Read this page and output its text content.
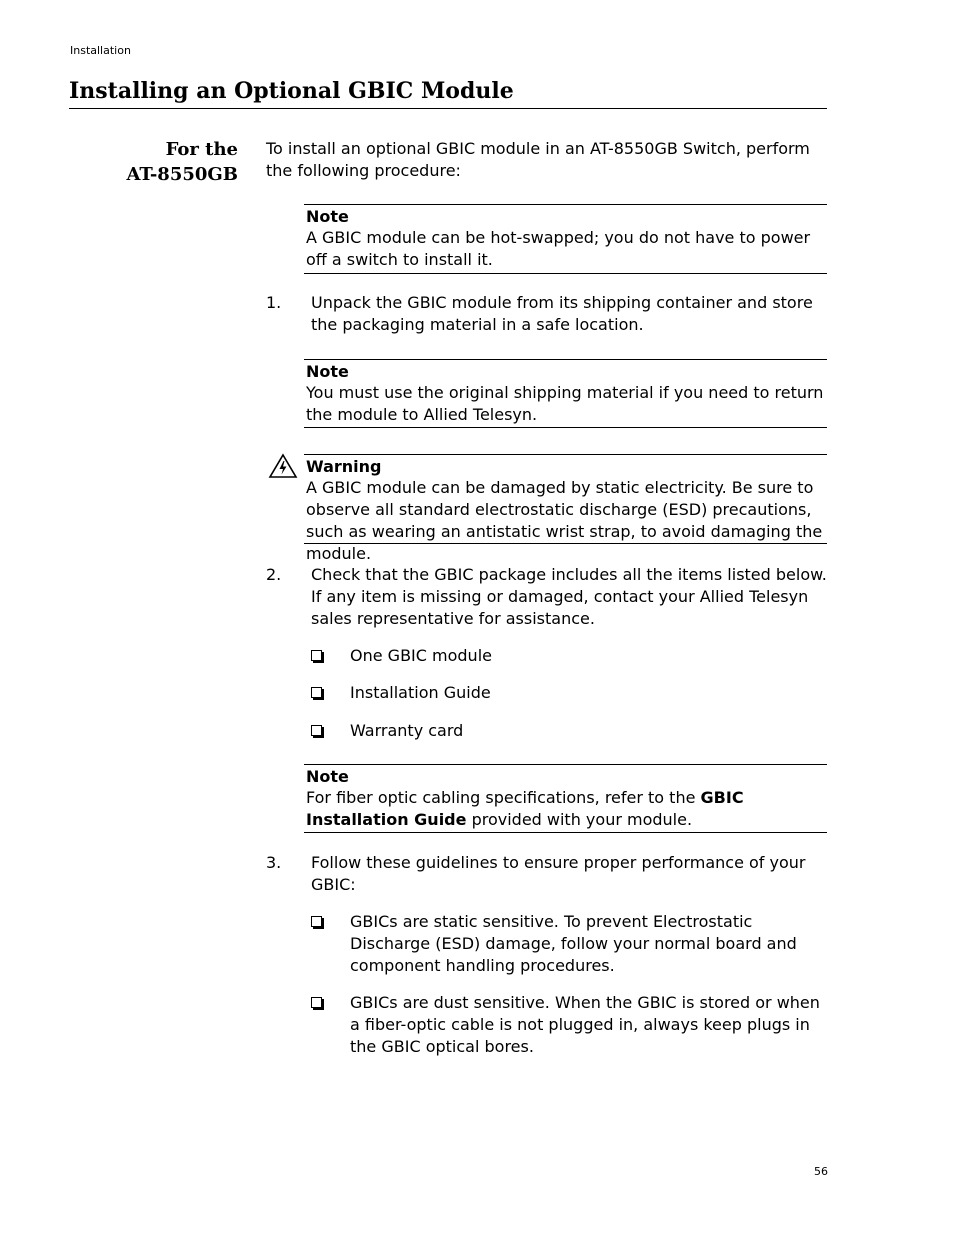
Installation
Installing an Optional GBIC Module
For the
AT-8550GB
To install an optional GBIC module in an AT-8550GB Switch, perform the following procedure:
Note
A GBIC module can be hot-swapped; you do not have to power off a switch to install it.
1.	Unpack the GBIC module from its shipping container and store the packaging material in a safe location.
Note
You must use the original shipping material if you need to return the module to Allied Telesyn.
Warning
A GBIC module can be damaged by static electricity. Be sure to observe all standard electrostatic discharge (ESD) precautions, such as wearing an antistatic wrist strap, to avoid damaging the module.
2.	Check that the GBIC package includes all the items listed below. If any item is missing or damaged, contact your Allied Telesyn sales representative for assistance.
One GBIC module
Installation Guide
Warranty card
Note
For fiber optic cabling specifications, refer to the GBIC Installation Guide provided with your module.
3.	Follow these guidelines to ensure proper performance of your GBIC:
GBICs are static sensitive. To prevent Electrostatic Discharge (ESD) damage, follow your normal board and component handling procedures.
GBICs are dust sensitive. When the GBIC is stored or when a fiber-optic cable is not plugged in, always keep plugs in the GBIC optical bores.
56
